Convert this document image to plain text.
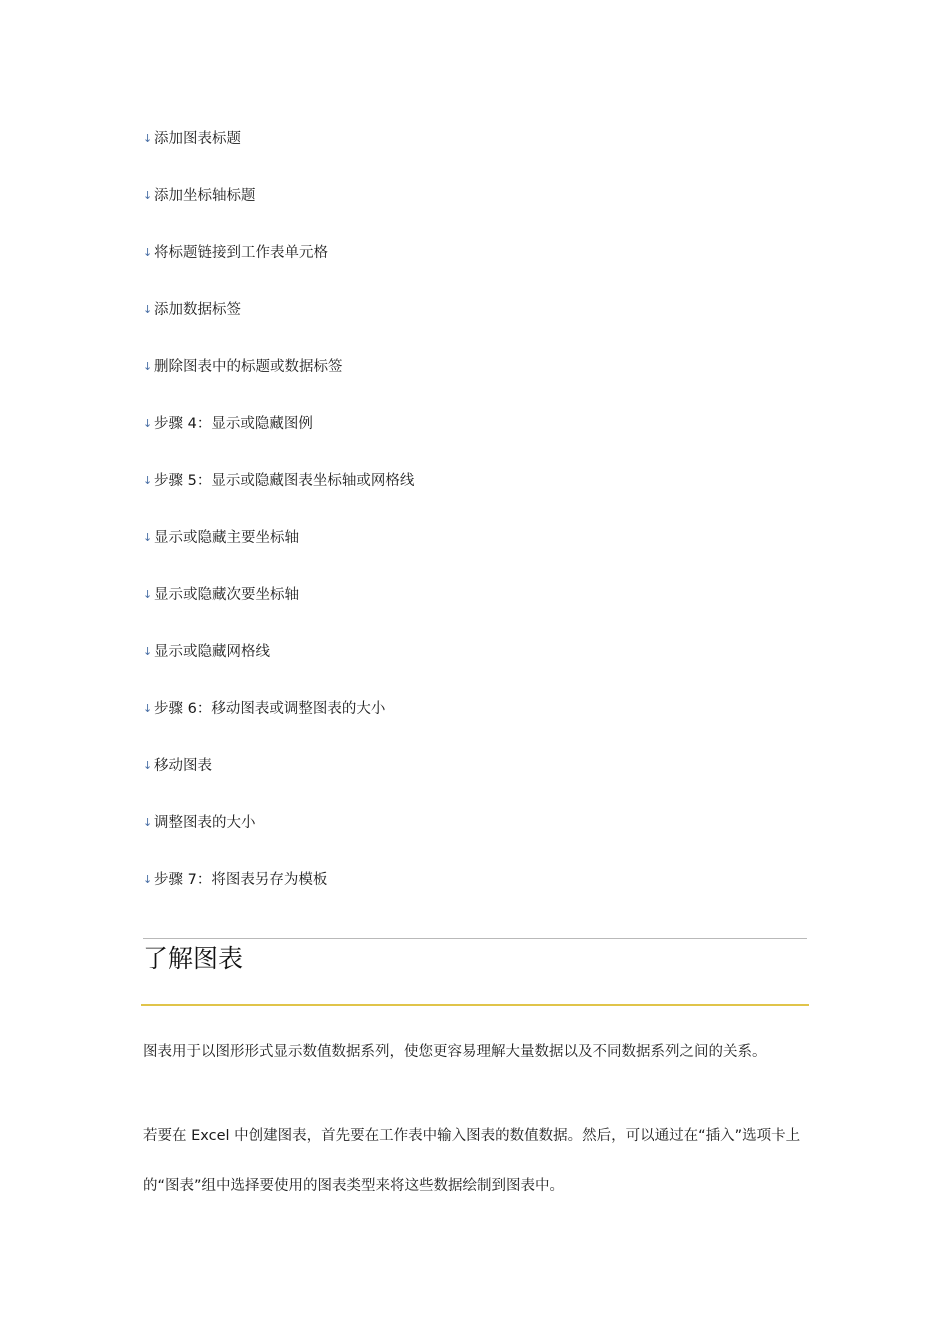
↓ 添加图表标题
↓ 添加坐标轴标题
↓ 将标题链接到工作表单元格
↓ 添加数据标签
↓ 删除图表中的标题或数据标签
↓ 步骤 4：显示或隐藏图例
↓ 步骤 5：显示或隐藏图表坐标轴或网格线
↓ 显示或隐藏主要坐标轴
↓ 显示或隐藏次要坐标轴
↓ 显示或隐藏网格线
↓ 步骤 6：移动图表或调整图表的大小
↓ 移动图表
↓ 调整图表的大小
↓ 步骤 7：将图表另存为模板
了解图表

图表用于以图形形式显示数值数据系列，使您更容易理解大量数据以及不同数据系列之间的关系。

若要在 Excel 中创建图表，首先要在工作表中输入图表的数值数据。然后，可以通过在“插入”选项卡上的“图表”组中选择要使用的图表类型来将这些数据绘制到图表中。
